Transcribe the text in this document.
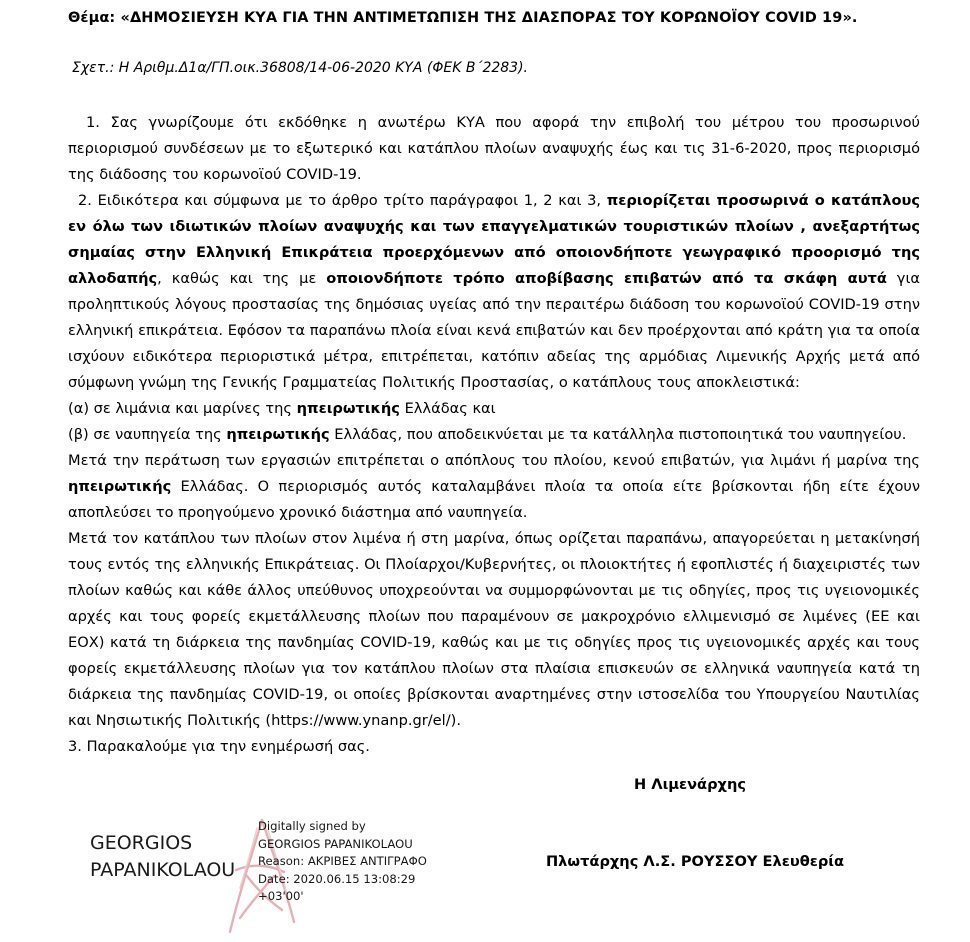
Θέμα: «ΔΗΜΟΣΙΕΥΣΗ ΚΥΑ ΓΙΑ ΤΗΝ ΑΝΤΙΜΕΤΩΠΙΣΗ ΤΗΣ ΔΙΑΣΠΟΡΑΣ ΤΟΥ ΚΟΡΩΝΟΪΟΥ COVID 19».
Σχετ.: Η Αριθμ.Δ1α/ΓΠ.οικ.36808/14-06-2020 ΚΥΑ (ΦΕΚ Β΄2283).

1. Σας γνωρίζουμε ότι εκδόθηκε η ανωτέρω ΚΥΑ που αφορά την επιβολή του μέτρου του προσωρινού περιορισμού συνδέσεων με το εξωτερικό και κατάπλου πλοίων αναψυχής έως και τις 31-6-2020, προς περιορισμό της διάδοσης του κορωνοϊού COVID-19.

2. Ειδικότερα και σύμφωνα με το άρθρο τρίτο παράγραφοι 1, 2 και 3, περιορίζεται προσωρινά ο κατάπλους εν όλω των ιδιωτικών πλοίων αναψυχής και των επαγγελματικών τουριστικών πλοίων , ανεξαρτήτως σημαίας στην Ελληνική Επικράτεια προερχόμενων από οποιονδήποτε γεωγραφικό προορισμό της αλλοδαπής, καθώς και της με οποιονδήποτε τρόπο αποβίβασης επιβατών από τα σκάφη αυτά για προληπτικούς λόγους προστασίας της δημόσιας υγείας από την περαιτέρω διάδοση του κορωνοϊού COVID-19 στην ελληνική επικράτεια. Εφόσον τα παραπάνω πλοία είναι κενά επιβατών και δεν προέρχονται από κράτη για τα οποία ισχύουν ειδικότερα περιοριστικά μέτρα, επιτρέπεται, κατόπιν αδείας της αρμόδιας Λιμενικής Αρχής μετά από σύμφωνη γνώμη της Γενικής Γραμματείας Πολιτικής Προστασίας, ο κατάπλους τους αποκλειστικά:

(α) σε λιμάνια και μαρίνες της ηπειρωτικής Ελλάδας και

(β) σε ναυπηγεία της ηπειρωτικής Ελλάδας, που αποδεικνύεται με τα κατάλληλα πιστοποιητικά του ναυπηγείου.

Μετά την περάτωση των εργασιών επιτρέπεται ο απόπλους του πλοίου, κενού επιβατών, για λιμάνι ή μαρίνα της ηπειρωτικής Ελλάδας. Ο περιορισμός αυτός καταλαμβάνει πλοία τα οποία είτε βρίσκονται ήδη είτε έχουν αποπλεύσει το προηγούμενο χρονικό διάστημα από ναυπηγεία.

Μετά τον κατάπλου των πλοίων στον λιμένα ή στη μαρίνα, όπως ορίζεται παραπάνω, απαγορεύεται η μετακίνησή τους εντός της ελληνικής Επικράτειας. Οι Πλοίαρχοι/Κυβερνήτες, οι πλοιοκτήτες ή εφοπλιστές ή διαχειριστές των πλοίων καθώς και κάθε άλλος υπεύθυνος υποχρεούνται να συμμορφώνονται με τις οδηγίες, προς τις υγειονομικές αρχές και τους φορείς εκμετάλλευσης πλοίων που παραμένουν σε μακροχρόνιο ελλιμενισμό σε λιμένες (ΕΕ και ΕΟΧ) κατά τη διάρκεια της πανδημίας COVID-19, καθώς και με τις οδηγίες προς τις υγειονομικές αρχές και τους φορείς εκμετάλλευσης πλοίων για τον κατάπλου πλοίων στα πλαίσια επισκευών σε ελληνικά ναυπηγεία κατά τη διάρκεια της πανδημίας COVID-19, οι οποίες βρίσκονται αναρτημένες στην ιστοσελίδα του Υπουργείου Ναυτιλίας και Νησιωτικής Πολιτικής (https://www.ynanp.gr/el/).

3. Παρακαλούμε για την ενημέρωσή σας.

Η Λιμενάρχης
Πλωτάρχης Λ.Σ. ΡΟΥΣΣΟΥ Ελευθερία
GEORGIOS
PAPANIKOLAOU
Digitally signed by
GEORGIOS PAPANIKOLAOU
Reason: ΑΚΡΙΒΕΣ ΑΝΤΙΓΡΑΦΟ
Date: 2020.06.15 13:08:29
+03'00'
